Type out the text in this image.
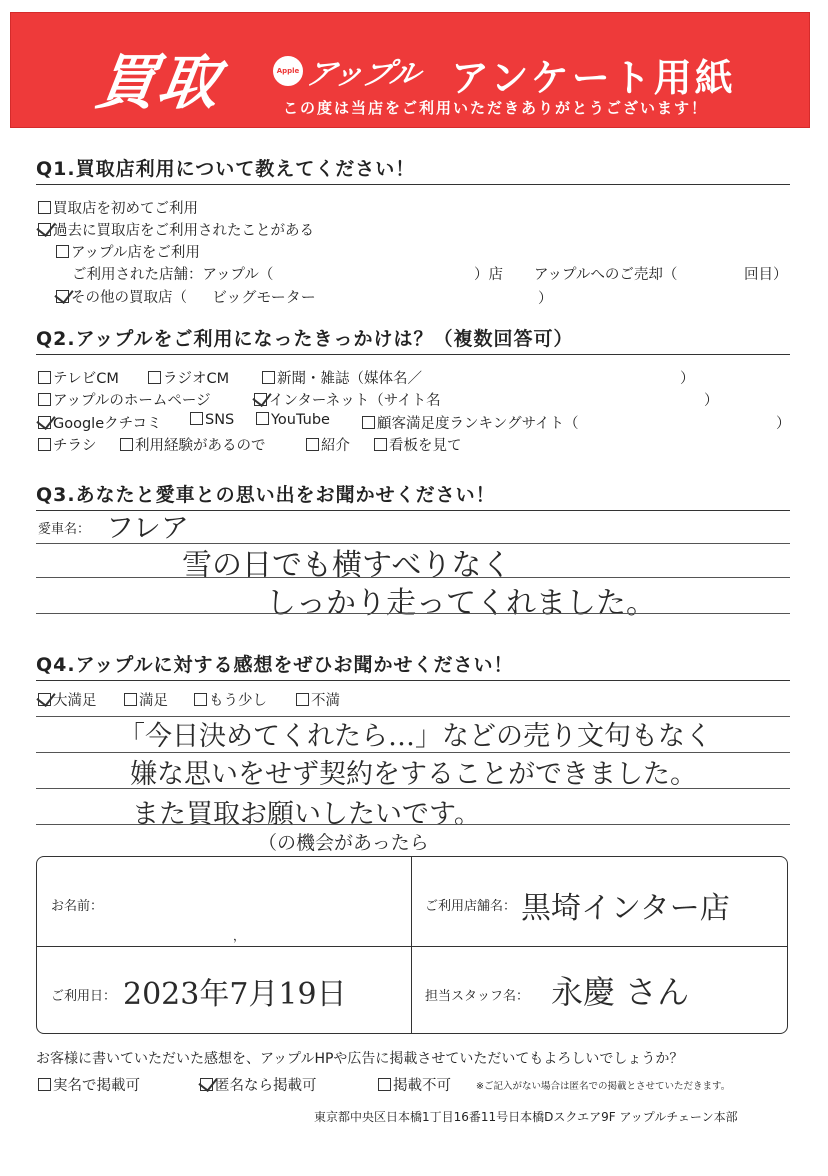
買取	Apple アップル アンケート用紙
この度は当店をご利用いただきありがとうございます！
Q1.買取店利用について教えてください！
買取店を初めてご利用
過去に買取店をご利用されたことがある
アップル店をご利用
ご利用された店舗：アップル（	）店 アップルへのご売却（	回目）
その他の買取店（ ビッグモーター	）
Q2.アップルをご利用になったきっかけは？（複数回答可）
テレビCM	ラジオCM	新聞・雑誌（媒体名／	）
アップルのホームページ	インターネット（サイト名	）
Googleクチコミ	SNS	YouTube	顧客満足度ランキングサイト（	）
チラシ	利用経験があるので	紹介	看板を見て
Q3.あなたと愛車との思い出をお聞かせください！
愛車名： フレア
雪の日でも横すべりなく
しっかり走ってくれました。
Q4.アップルに対する感想をぜひお聞かせください！
大満足	満足	もう少し	不満
「今日決めてくれたら…」などの売り文句もなく
嫌な思いをせず契約をすることができました。
また買取お願いしたいです。
（の機会があったら
お名前：
，
ご利用店舗名： 黒埼インター店
ご利用日： 2023年7月19日	担当スタッフ名： 永慶 さん
お客様に書いていただいた感想を、アップルHPや広告に掲載させていただいてもよろしいでしょうか？
実名で掲載可	匿名なら掲載可	掲載不可	※ご記入がない場合は匿名での掲載とさせていただきます。
東京都中央区日本橋1丁目16番11号日本橋Dスクエア9F アップルチェーン本部
